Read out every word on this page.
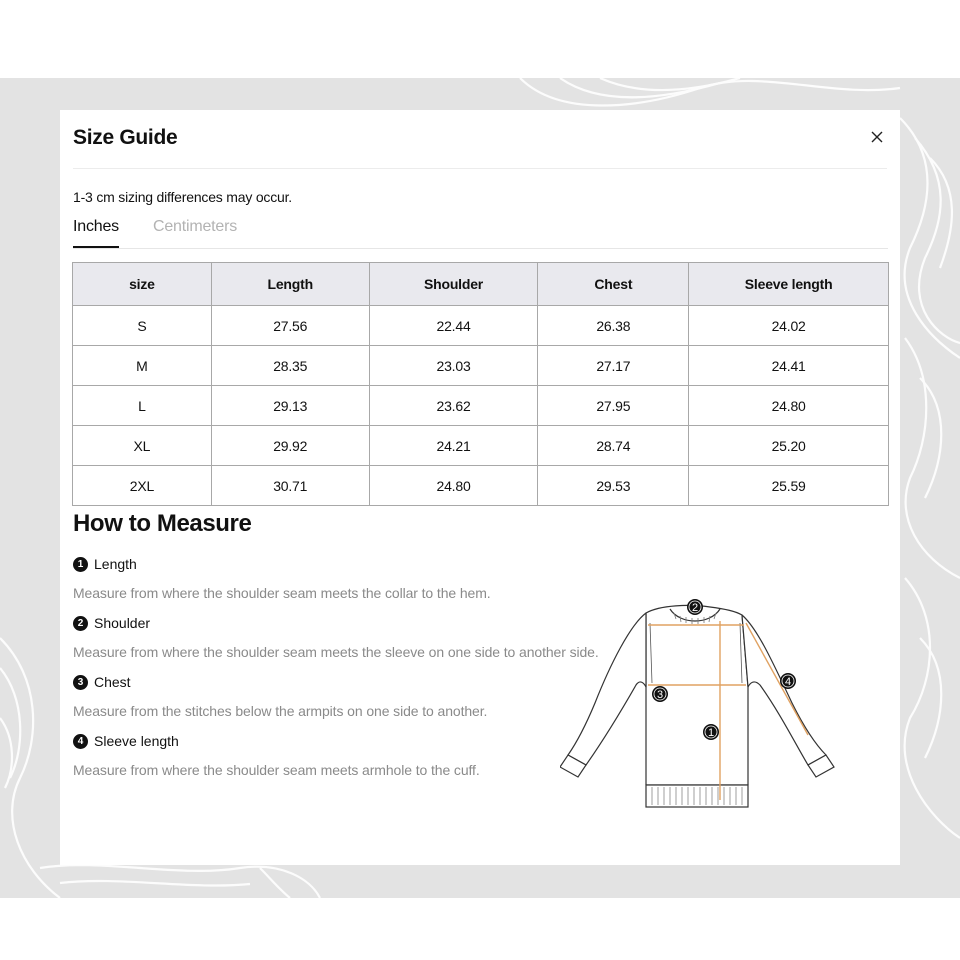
Size Guide
1-3 cm sizing differences may occur.
Inches Centimeters
size	Length	Shoulder	Chest	Sleeve length
S	27.56	22.44	26.38	24.02
M	28.35	23.03	27.17	24.41
L	29.13	23.62	27.95	24.80
XL	29.92	24.21	28.74	25.20
2XL	30.71	24.80	29.53	25.59
How to Measure
1 Length
Measure from where the shoulder seam meets the collar to the hem.
2 Shoulder
Measure from where the shoulder seam meets the sleeve on one side to another side.
3 Chest
Measure from the stitches below the armpits on one side to another.
4 Sleeve length
Measure from where the shoulder seam meets armhole to the cuff.
2
3
1
4
